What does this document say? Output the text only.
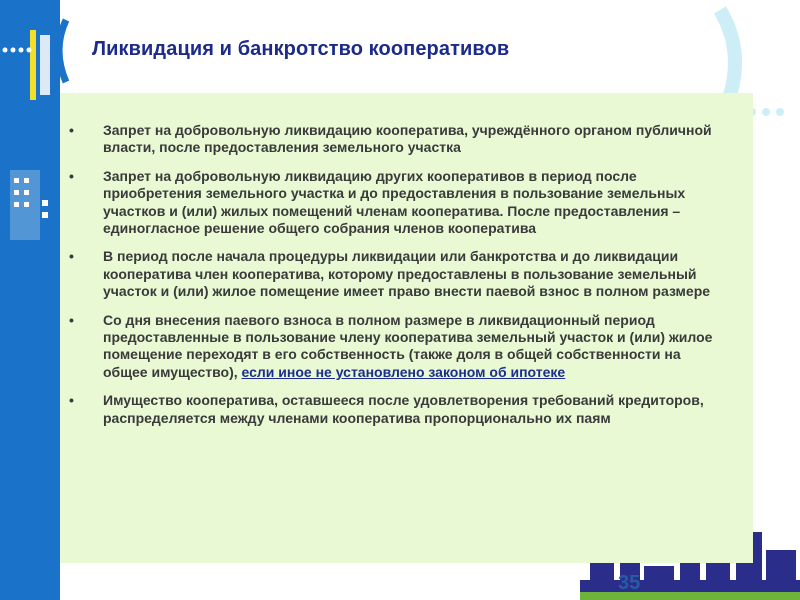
Ликвидация и банкротство кооперативов
• Запрет на добровольную ликвидацию кооператива, учреждённого органом публичной власти, после предоставления земельного участка
• Запрет на добровольную ликвидацию других кооперативов в период после приобретения земельного участка и до предоставления в пользование земельных участков и (или) жилых помещений членам кооператива. После предоставления – единогласное решение общего собрания членов кооператива
• В период после начала процедуры ликвидации или банкротства и до ликвидации кооператива член кооператива, которому предоставлены в пользование земельный участок и (или) жилое помещение имеет право внести паевой взнос в полном размере
• Со дня внесения паевого взноса в полном размере в ликвидационный период предоставленные в пользование члену кооператива земельный участок и (или) жилое помещение переходят в его собственность (также доля в общей собственности на общее имущество), если иное не установлено законом об ипотеке
• Имущество кооператива, оставшееся после удовлетворения требований кредиторов, распределяется между членами кооператива пропорционально их паям
35
